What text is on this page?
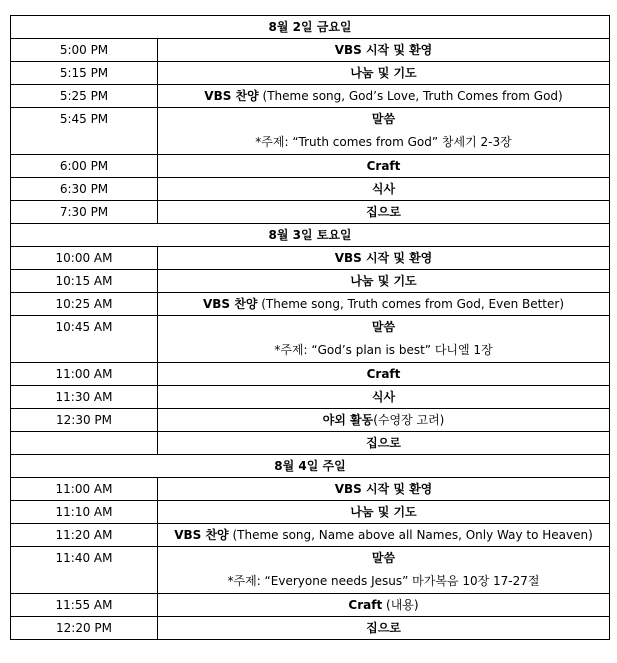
8월 2일 금요일	
5:00 PM	VBS 시작 및 환영
5:15 PM	나눔 및 기도
5:25 PM	VBS 찬양 (Theme song, God’s Love, Truth Comes from God)

5:45 PM	말씀
*주제: “Truth comes from God” 창세기 2-3장

6:00 PM	Craft
6:30 PM	식사
7:30 PM	집으로
8월 3일 토요일	
10:00 AM	VBS 시작 및 환영
10:15 AM	나눔 및 기도
10:25 AM	VBS 찬양 (Theme song, Truth comes from God, Even Better)

10:45 AM	말씀
*주제: “God’s plan is best” 다니엘 1장

11:00 AM	Craft
11:30 AM	식사
12:30 PM	야외 활동(수영장 고려)
	집으로
8월 4일 주일	
11:00 AM	VBS 시작 및 환영
11:10 AM	나눔 및 기도
11:20 AM	VBS 찬양 (Theme song, Name above all Names, Only Way to Heaven)

11:40 AM	말씀
*주제: “Everyone needs Jesus” 마가복음 10장 17-27절

11:55 AM	Craft (내용)
12:20 PM	집으로
